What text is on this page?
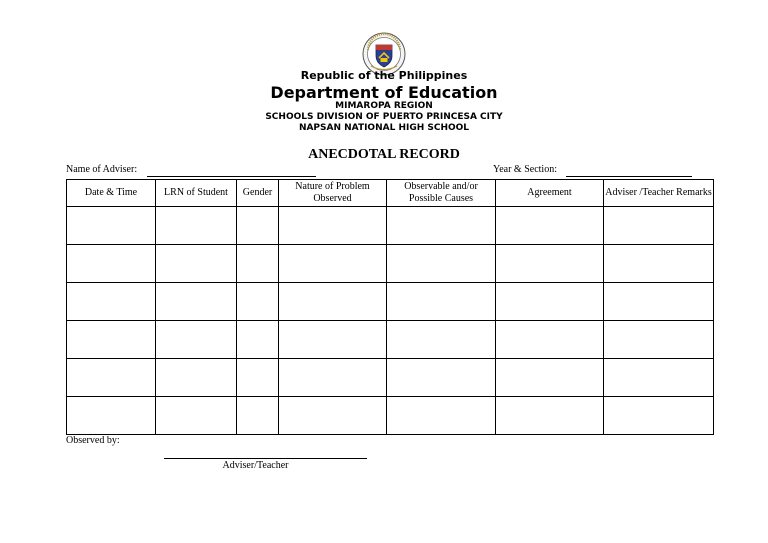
Republic of the Philippines
Department of Education
MIMAROPA REGION
SCHOOLS DIVISION OF PUERTO PRINCESA CITY
NAPSAN NATIONAL HIGH SCHOOL
ANECDOTAL RECORD
Name of Adviser:	Year & Section:
Date & Time	LRN of Student	Gender	Nature of Problem Observed	Observable and/or Possible Causes	Agreement	Adviser /Teacher Remarks

Observed by:
Adviser/Teacher
